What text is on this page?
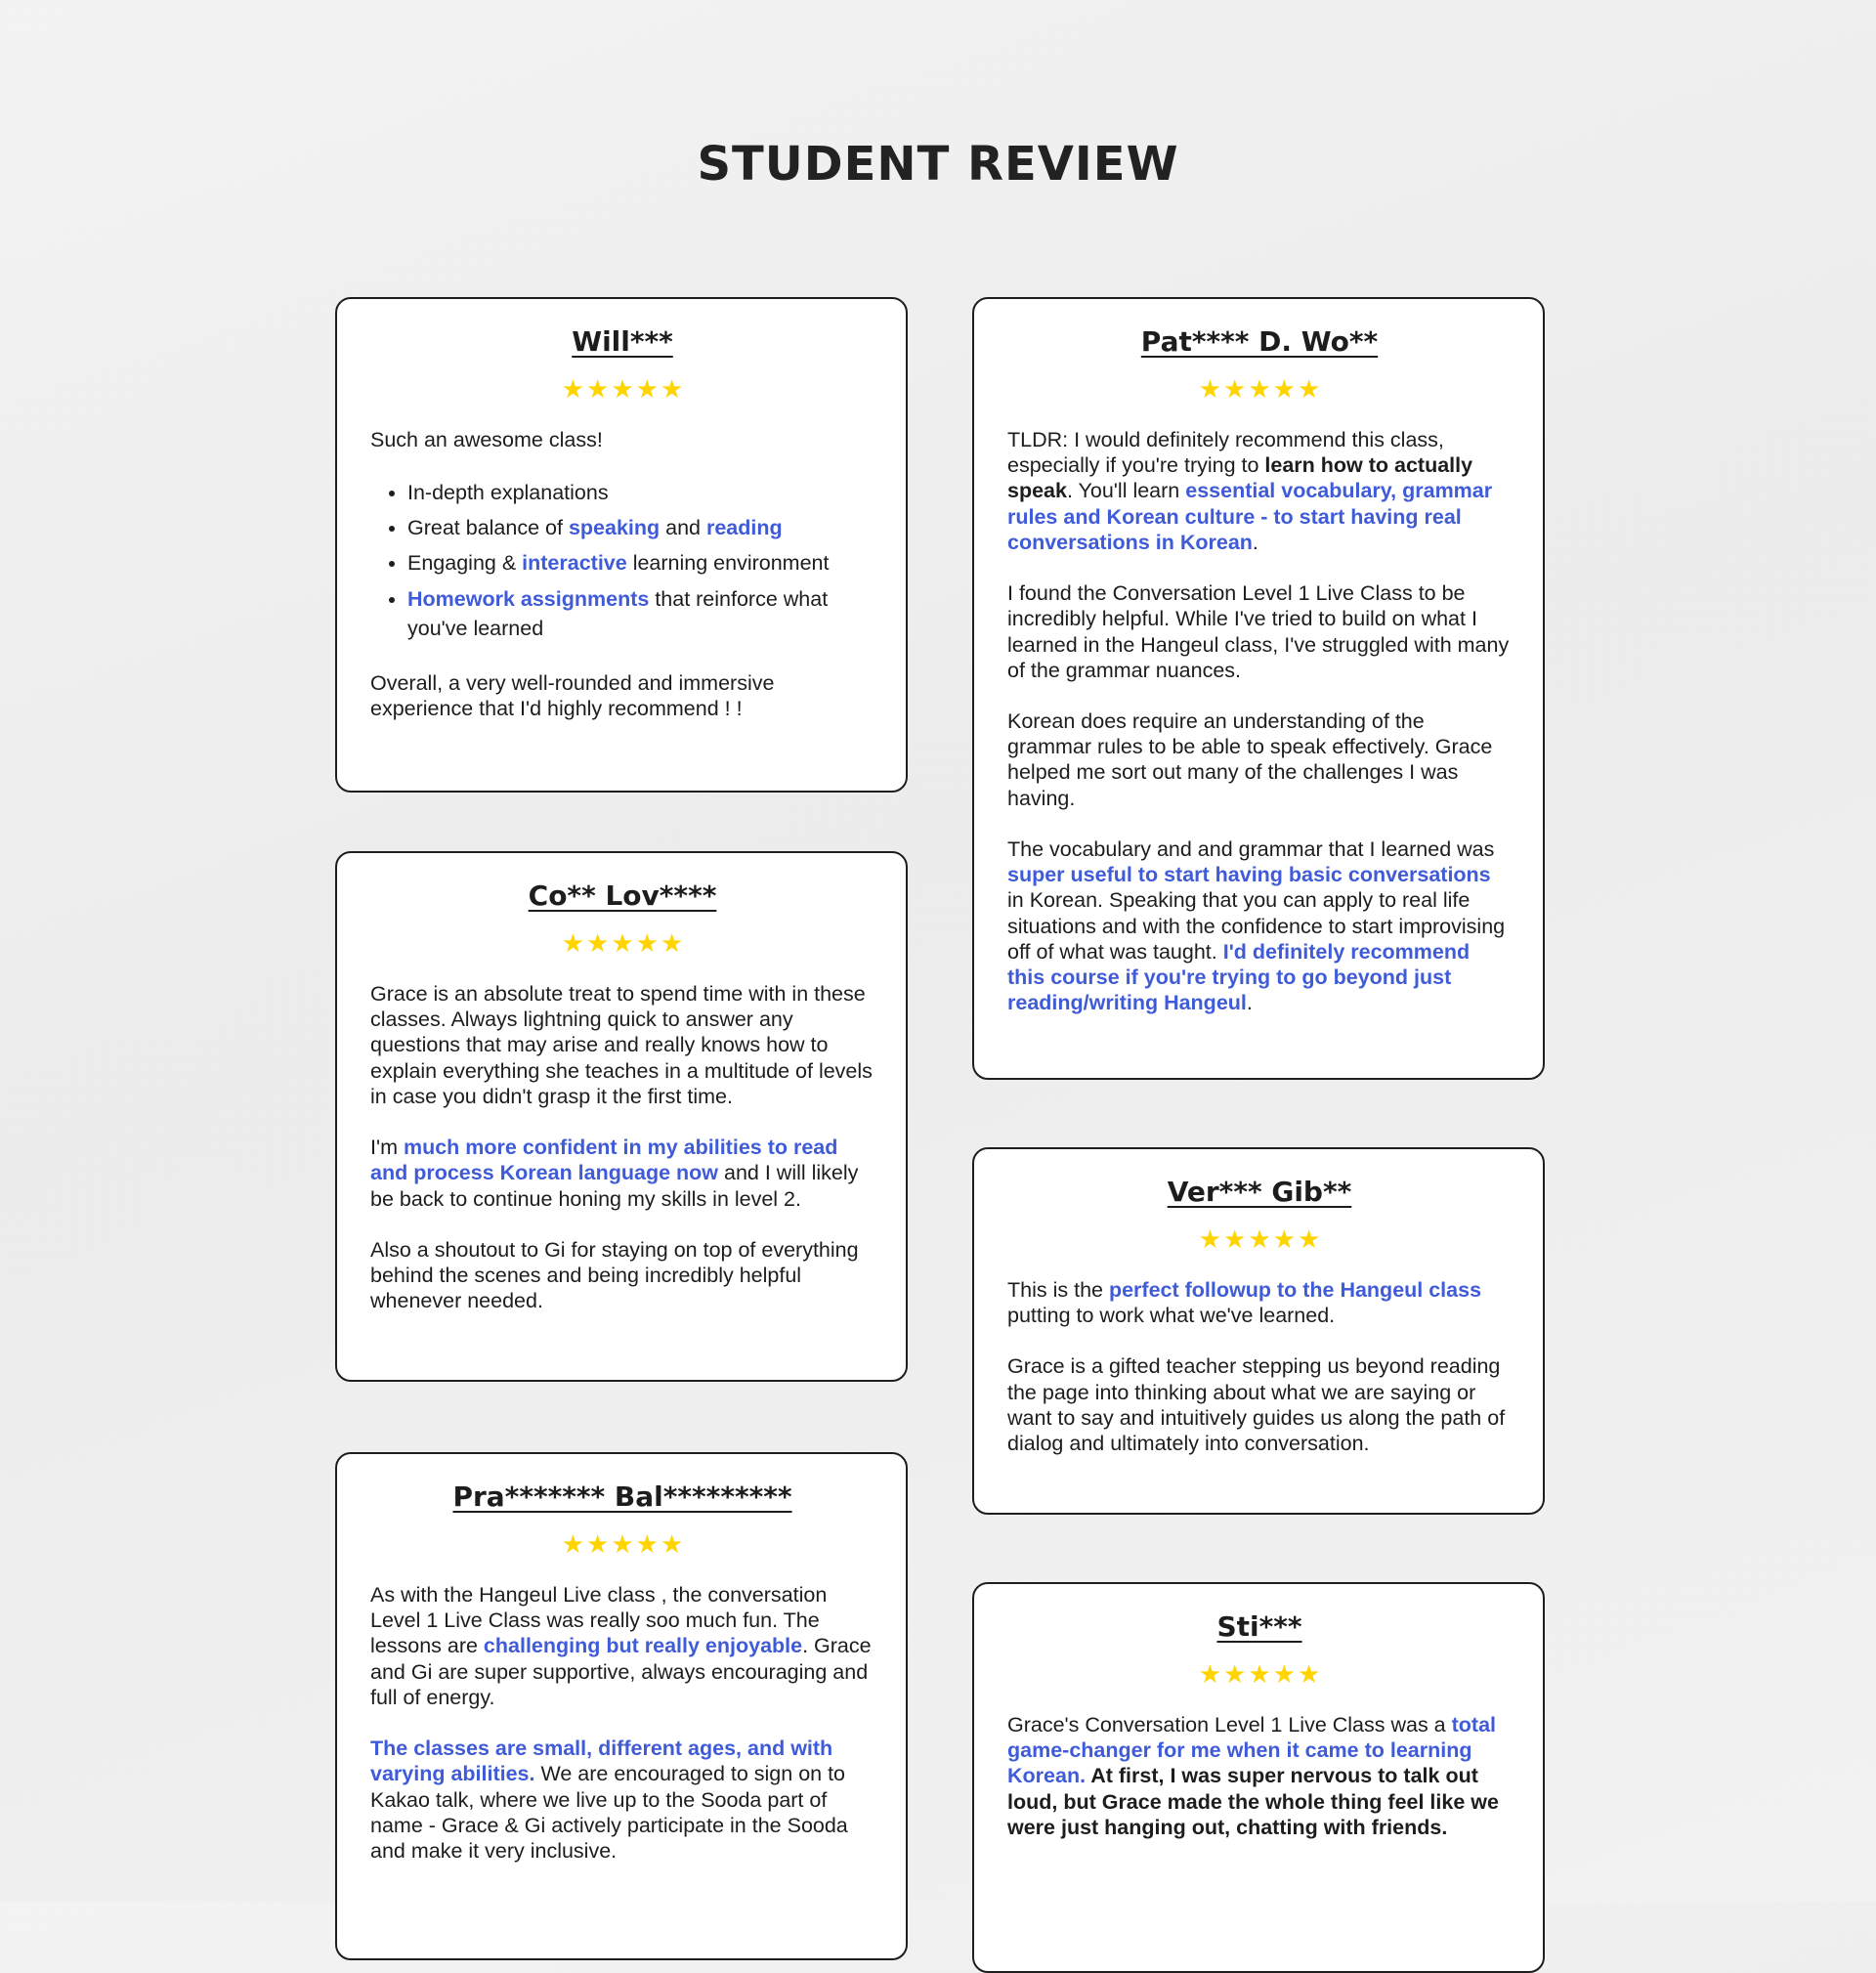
STUDENT REVIEW
Will***
★★★★★

Such an awesome class!

• In-depth explanations
• Great balance of speaking and reading
• Engaging & interactive learning environment
• Homework assignments that reinforce what you've learned

Overall, a very well-rounded and immersive experience that I'd highly recommend ! !

Co** Lov****
★★★★★

Grace is an absolute treat to spend time with in these classes. Always lightning quick to answer any questions that may arise and really knows how to explain everything she teaches in a multitude of levels in case you didn't grasp it the first time.

I'm much more confident in my abilities to read and process Korean language now and I will likely be back to continue honing my skills in level 2.

Also a shoutout to Gi for staying on top of everything behind the scenes and being incredibly helpful whenever needed.

Pra******* Bal*********
★★★★★

As with the Hangeul Live class , the conversation Level 1 Live Class was really soo much fun. The lessons are challenging but really enjoyable. Grace and Gi are super supportive, always encouraging and full of energy.

The classes are small, different ages, and with varying abilities. We are encouraged to sign on to Kakao talk, where we live up to the Sooda part of name - Grace & Gi actively participate in the Sooda and make it very inclusive.

Pat**** D. Wo**
★★★★★

TLDR: I would definitely recommend this class, especially if you're trying to learn how to actually speak. You'll learn essential vocabulary, grammar rules and Korean culture - to start having real conversations in Korean.

I found the Conversation Level 1 Live Class to be incredibly helpful. While I've tried to build on what I learned in the Hangeul class, I've struggled with many of the grammar nuances.

Korean does require an understanding of the grammar rules to be able to speak effectively. Grace helped me sort out many of the challenges I was having.

The vocabulary and and grammar that I learned was super useful to start having basic conversations in Korean. Speaking that you can apply to real life situations and with the confidence to start improvising off of what was taught. I'd definitely recommend this course if you're trying to go beyond just reading/writing Hangeul.

Ver*** Gib**
★★★★★

This is the perfect followup to the Hangeul class putting to work what we've learned.

Grace is a gifted teacher stepping us beyond reading the page into thinking about what we are saying or want to say and intuitively guides us along the path of dialog and ultimately into conversation.

Sti***
★★★★★

Grace's Conversation Level 1 Live Class was a total game-changer for me when it came to learning Korean. At first, I was super nervous to talk out loud, but Grace made the whole thing feel like we were just hanging out, chatting with friends.
